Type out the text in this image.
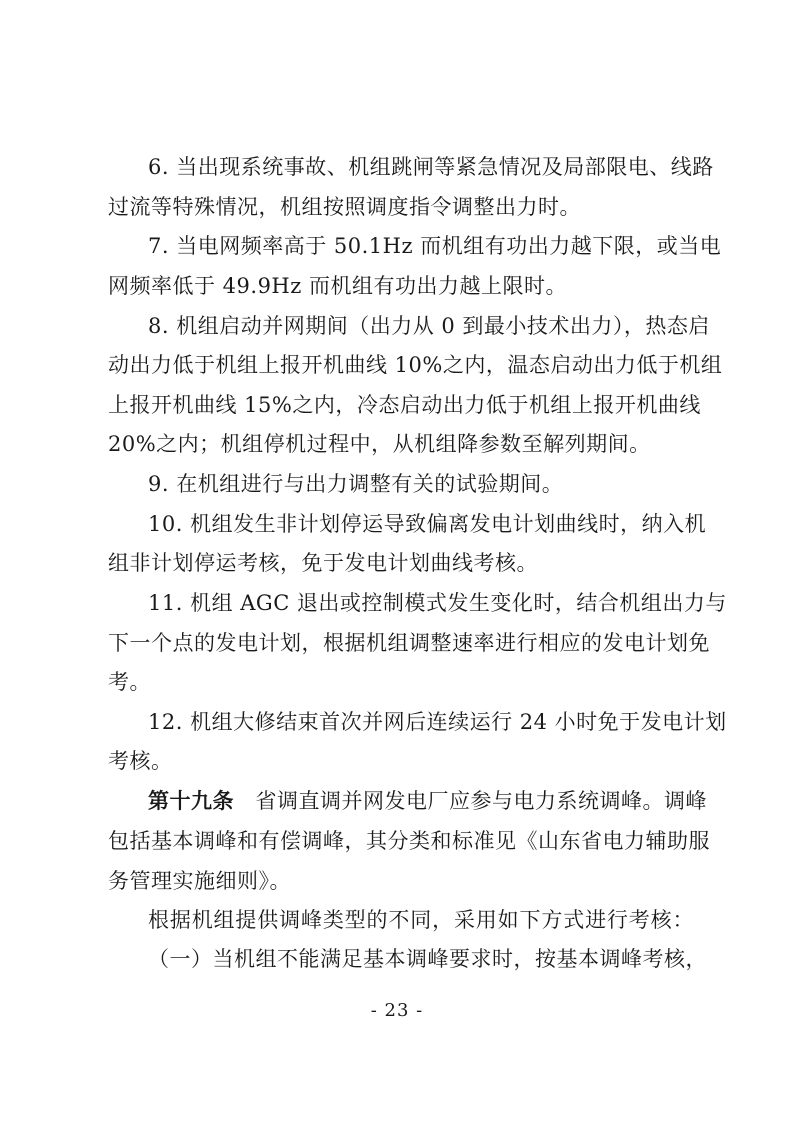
6. 当出现系统事故、机组跳闸等紧急情况及局部限电、线路
过流等特殊情况，机组按照调度指令调整出力时。
7. 当电网频率高于 50.1Hz 而机组有功出力越下限，或当电
网频率低于 49.9Hz 而机组有功出力越上限时。
8. 机组启动并网期间（出力从 0 到最小技术出力），热态启
动出力低于机组上报开机曲线 10%之内，温态启动出力低于机组
上报开机曲线 15%之内，冷态启动出力低于机组上报开机曲线
20%之内；机组停机过程中，从机组降参数至解列期间。
9. 在机组进行与出力调整有关的试验期间。
10. 机组发生非计划停运导致偏离发电计划曲线时，纳入机
组非计划停运考核，免于发电计划曲线考核。
11. 机组 AGC 退出或控制模式发生变化时，结合机组出力与
下一个点的发电计划，根据机组调整速率进行相应的发电计划免
考。
12. 机组大修结束首次并网后连续运行 24 小时免于发电计划
考核。
第十九条　 省调直调并网发电厂应参与电力系统调峰。调峰
包括基本调峰和有偿调峰，其分类和标准见《山东省电力辅助服
务管理实施细则》。
根据机组提供调峰类型的不同，采用如下方式进行考核：
（一）当机组不能满足基本调峰要求时，按基本调峰考核，
- 23 -
